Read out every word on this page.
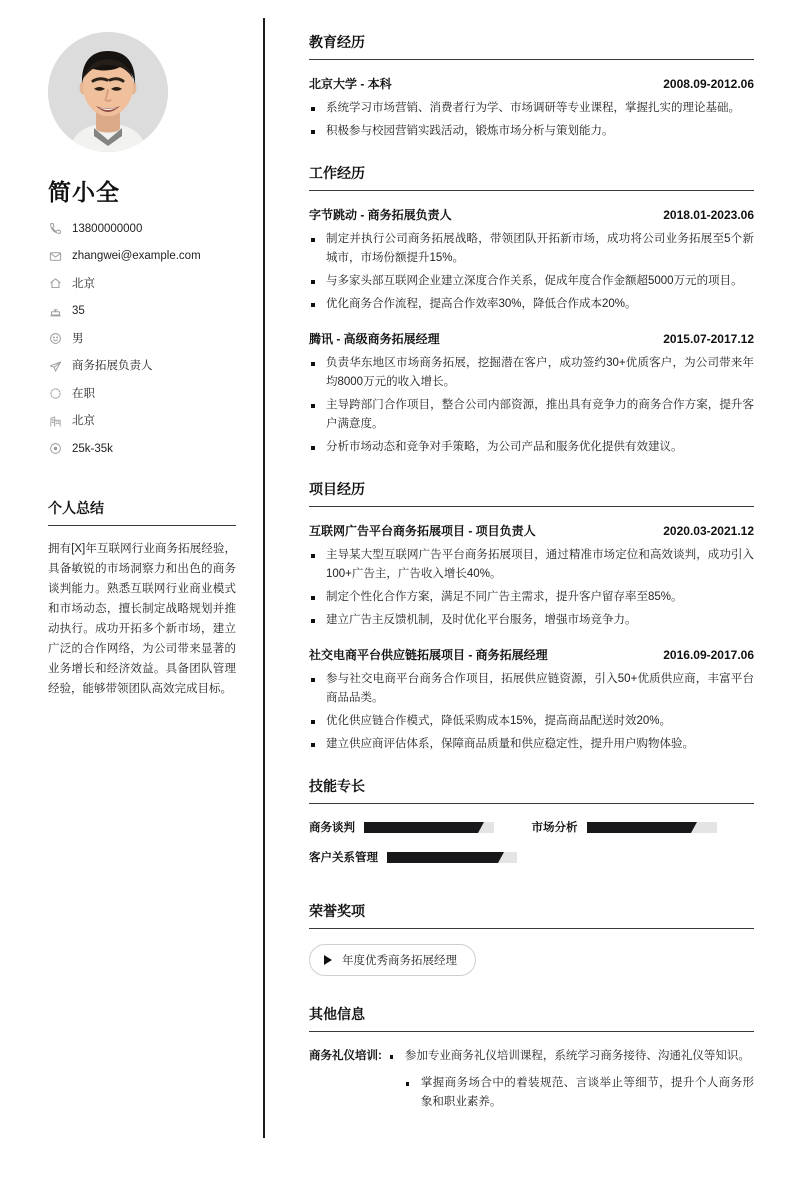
简小全
13800000000
zhangwei@example.com
北京
35
男
商务拓展负责人
在职
北京
25k-35k
个人总结
拥有[X]年互联网行业商务拓展经验，具备敏锐的市场洞察力和出色的商务谈判能力。熟悉互联网行业商业模式和市场动态，擅长制定战略规划并推动执行。成功开拓多个新市场，建立广泛的合作网络，为公司带来显著的业务增长和经济效益。具备团队管理经验，能够带领团队高效完成目标。
教育经历
北京大学 - 本科	2008.09-2012.06
系统学习市场营销、消费者行为学、市场调研等专业课程，掌握扎实的理论基础。
积极参与校园营销实践活动，锻炼市场分析与策划能力。
工作经历
字节跳动 - 商务拓展负责人	2018.01-2023.06
制定并执行公司商务拓展战略，带领团队开拓新市场，成功将公司业务拓展至5个新城市，市场份额提升15%。
与多家头部互联网企业建立深度合作关系，促成年度合作金额超5000万元的项目。
优化商务合作流程，提高合作效率30%，降低合作成本20%。
腾讯 - 高级商务拓展经理	2015.07-2017.12
负责华东地区市场商务拓展，挖掘潜在客户，成功签约30+优质客户，为公司带来年均8000万元的收入增长。
主导跨部门合作项目，整合公司内部资源，推出具有竞争力的商务合作方案，提升客户满意度。
分析市场动态和竞争对手策略，为公司产品和服务优化提供有效建议。
项目经历
互联网广告平台商务拓展项目 - 项目负责人	2020.03-2021.12
主导某大型互联网广告平台商务拓展项目，通过精准市场定位和高效谈判，成功引入100+广告主，广告收入增长40%。
制定个性化合作方案，满足不同广告主需求，提升客户留存率至85%。
建立广告主反馈机制，及时优化平台服务，增强市场竞争力。
社交电商平台供应链拓展项目 - 商务拓展经理	2016.09-2017.06
参与社交电商平台商务合作项目，拓展供应链资源，引入50+优质供应商，丰富平台商品品类。
优化供应链合作模式，降低采购成本15%，提高商品配送时效20%。
建立供应商评估体系，保障商品质量和供应稳定性，提升用户购物体验。
技能专长
商务谈判	市场分析
客户关系管理
荣誉奖项
年度优秀商务拓展经理
其他信息
商务礼仪培训:	参加专业商务礼仪培训课程，系统学习商务接待、沟通礼仪等知识。
掌握商务场合中的着装规范、言谈举止等细节，提升个人商务形象和职业素养。
